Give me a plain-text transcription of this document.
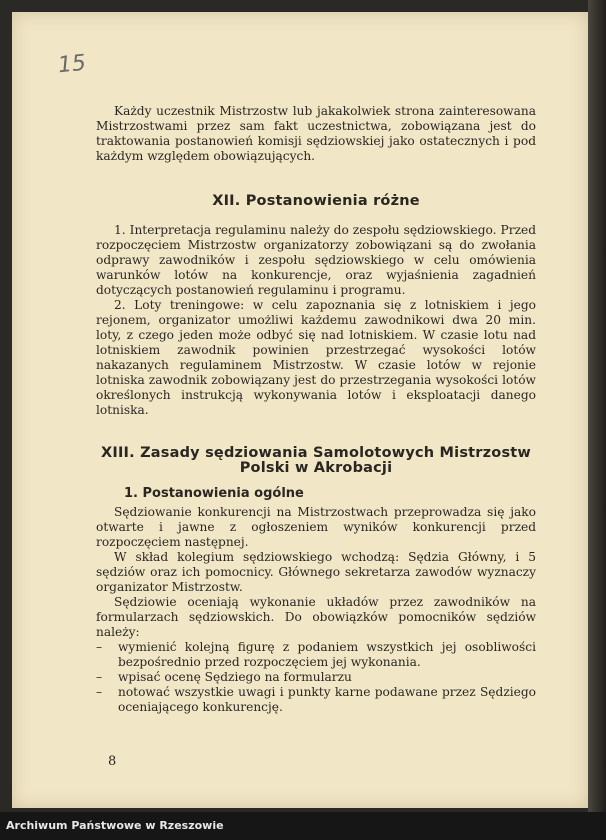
15

Każdy uczestnik Mistrzostw lub jakakolwiek strona zainteresowana Mistrzostwami przez sam fakt uczestnictwa, zobowiązana jest do traktowania postanowień komisji sędziowskiej jako ostatecznych i pod każdym względem obowiązujących.

XII. Postanowienia różne

1. Interpretacja regulaminu należy do zespołu sędziowskiego. Przed rozpoczęciem Mistrzostw organizatorzy zobowiązani są do zwołania odprawy zawodników i zespołu sędziowskiego w celu omówienia warunków lotów na konkurencje, oraz wyjaśnienia zagadnień dotyczących postanowień regulaminu i programu.

2. Loty treningowe: w celu zapoznania się z lotniskiem i jego rejonem, organizator umożliwi każdemu zawodnikowi dwa 20 min. loty, z czego jeden może odbyć się nad lotniskiem. W czasie lotu nad lotniskiem zawodnik powinien przestrzegać wysokości lotów nakazanych regulaminem Mistrzostw. W czasie lotów w rejonie lotniska zawodnik zobowiązany jest do przestrzegania wysokości lotów określonych instrukcją wykonywania lotów i eksploatacji danego lotniska.

XIII. Zasady sędziowania Samolotowych Mistrzostw
Polski w Akrobacji
1. Postanowienia ogólne

Sędziowanie konkurencji na Mistrzostwach przeprowadza się jako otwarte i jawne z ogłoszeniem wyników konkurencji przed rozpoczęciem następnej.

W skład kolegium sędziowskiego wchodzą: Sędzia Główny, i 5 sędziów oraz ich pomocnicy. Głównego sekretarza zawodów wyznaczy organizator Mistrzostw.

Sędziowie oceniają wykonanie układów przez zawodników na formularzach sędziowskich. Do obowiązków pomocników sędziów należy:

– wymienić kolejną figurę z podaniem wszystkich jej osobliwości bezpośrednio przed rozpoczęciem jej wykonania.
– wpisać ocenę Sędziego na formularzu
– notować wszystkie uwagi i punkty karne podawane przez Sędziego oceniającego konkurencję.
8
Archiwum Państwowe w Rzeszowie
